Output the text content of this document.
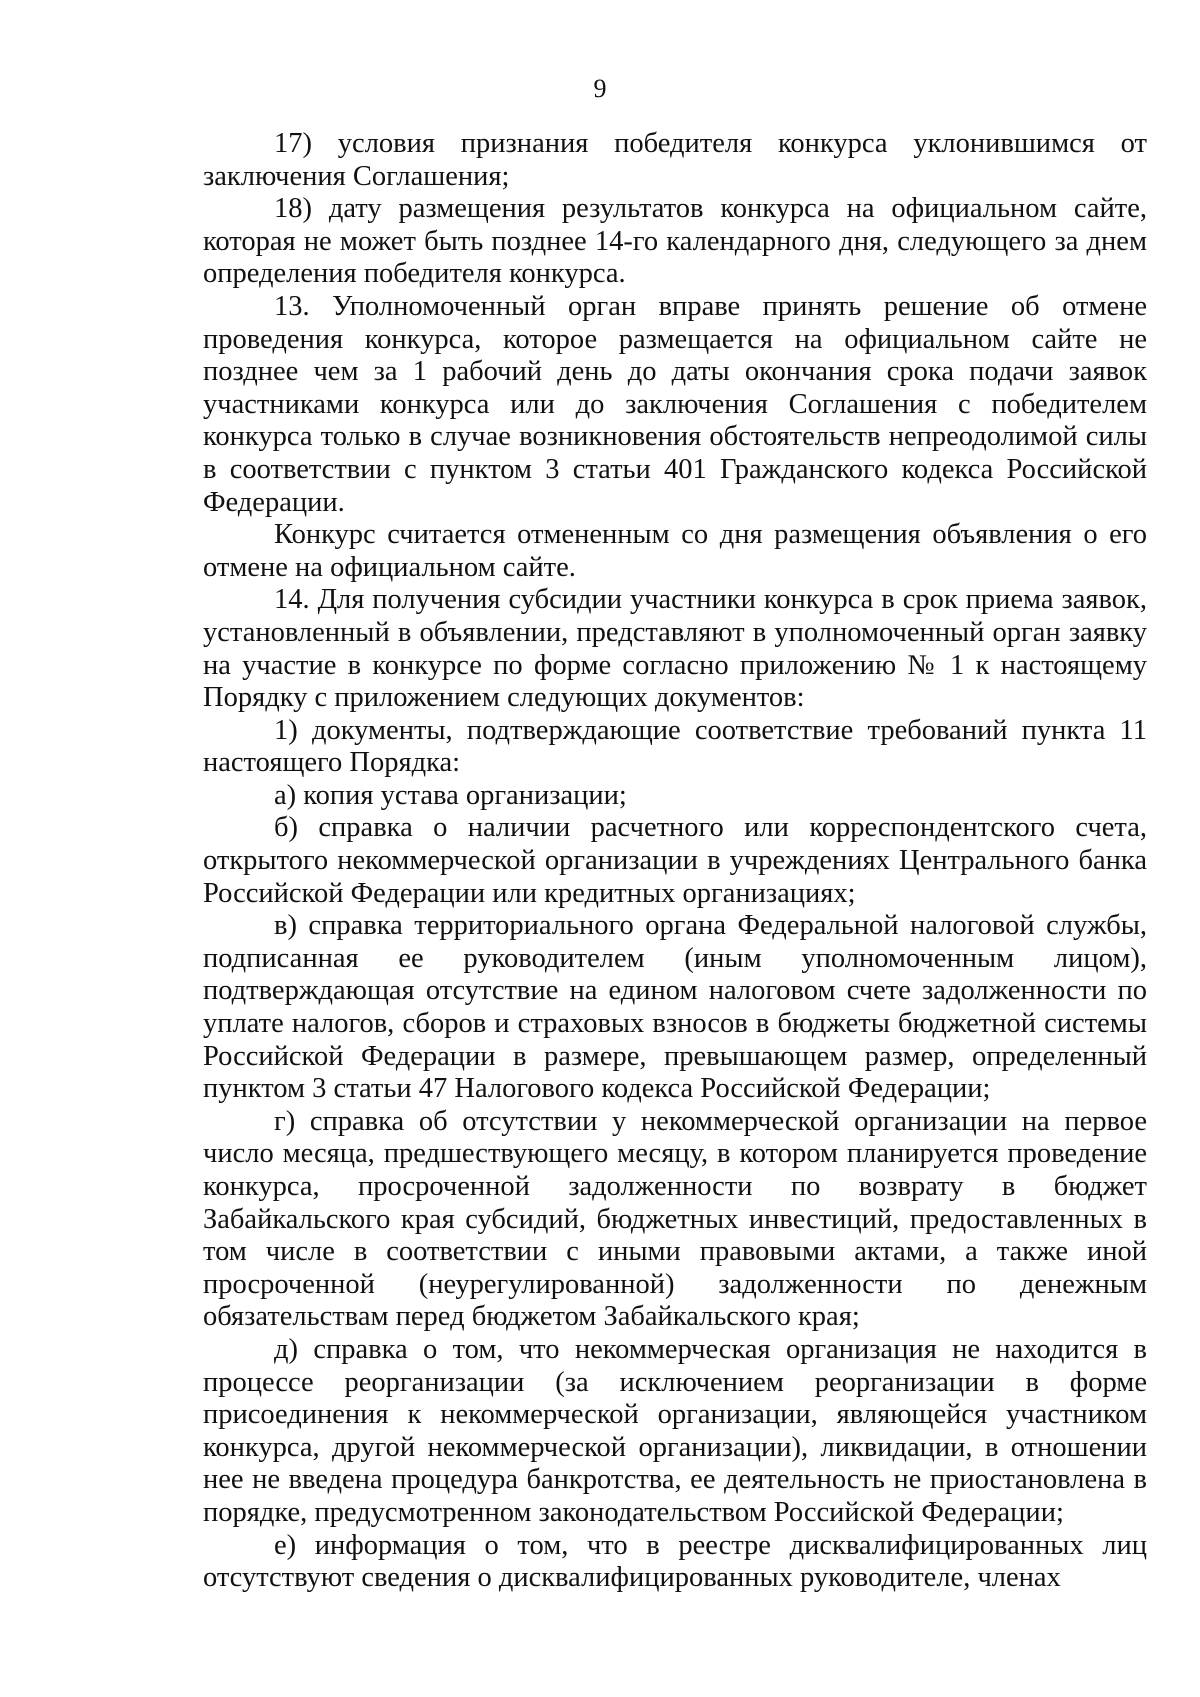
9

17) условия признания победителя конкурса уклонившимся от заключения Соглашения;

18) дату размещения результатов конкурса на официальном сайте, которая не может быть позднее 14-го календарного дня, следующего за днем определения победителя конкурса.

13. Уполномоченный орган вправе принять решение об отмене проведения конкурса, которое размещается на официальном сайте не позднее чем за 1 рабочий день до даты окончания срока подачи заявок участниками конкурса или до заключения Соглашения с победителем конкурса только в случае возникновения обстоятельств непреодолимой силы в соответствии с пунктом 3 статьи 401 Гражданского кодекса Российской Федерации.

Конкурс считается отмененным со дня размещения объявления о его отмене на официальном сайте.

14. Для получения субсидии участники конкурса в срок приема заявок, установленный в объявлении, представляют в уполномоченный орган заявку на участие в конкурсе по форме согласно приложению № 1 к настоящему Порядку с приложением следующих документов:

1) документы, подтверждающие соответствие требований пункта 11 настоящего Порядка:

а) копия устава организации;

б) справка о наличии расчетного или корреспондентского счета, открытого некоммерческой организации в учреждениях Центрального банка Российской Федерации или кредитных организациях;

в) справка территориального органа Федеральной налоговой службы, подписанная ее руководителем (иным уполномоченным лицом), подтверждающая отсутствие на едином налоговом счете задолженности по уплате налогов, сборов и страховых взносов в бюджеты бюджетной системы Российской Федерации в размере, превышающем размер, определенный пунктом 3 статьи 47 Налогового кодекса Российской Федерации;

г) справка об отсутствии у некоммерческой организации на первое число месяца, предшествующего месяцу, в котором планируется проведение конкурса, просроченной задолженности по возврату в бюджет Забайкальского края субсидий, бюджетных инвестиций, предоставленных в том числе в соответствии с иными правовыми актами, а также иной просроченной (неурегулированной) задолженности по денежным обязательствам перед бюджетом Забайкальского края;

д) справка о том, что некоммерческая организация не находится в процессе реорганизации (за исключением реорганизации в форме присоединения к некоммерческой организации, являющейся участником конкурса, другой некоммерческой организации), ликвидации, в отношении нее не введена процедура банкротства, ее деятельность не приостановлена в порядке, предусмотренном законодательством Российской Федерации;

е) информация о том, что в реестре дисквалифицированных лиц отсутствуют сведения о дисквалифицированных руководителе, членах
